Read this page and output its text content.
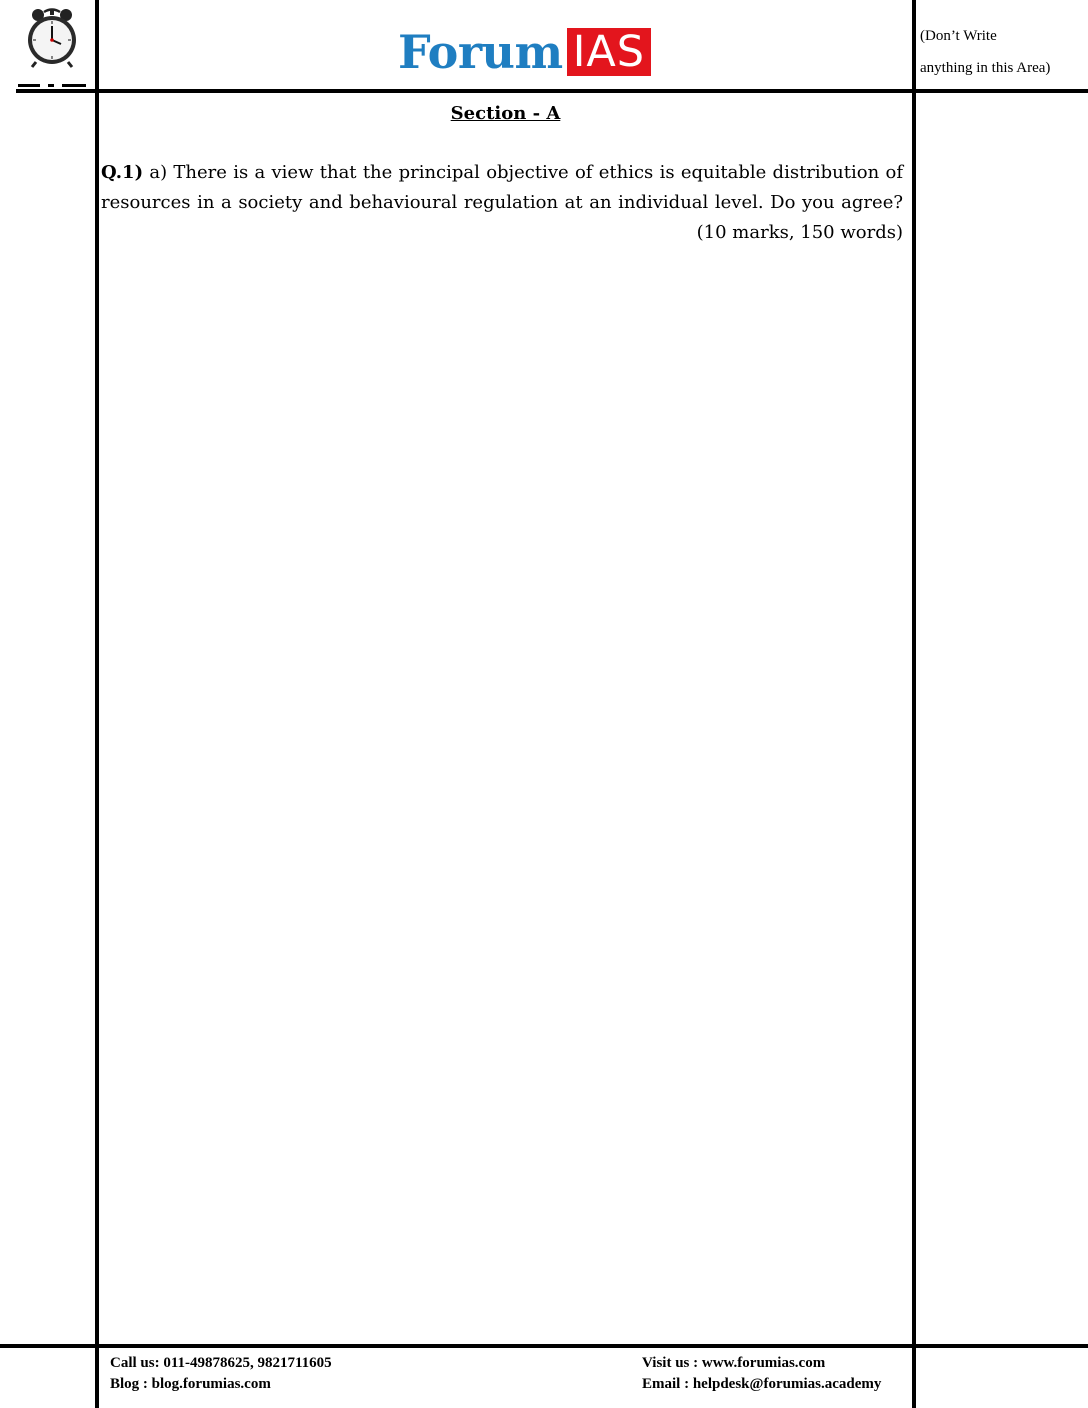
Forum IAS	(Don’t Write
anything in this Area)
Section - A
Q.1) a) There is a view that the principal objective of ethics is equitable distribution of resources in a society and behavioural regulation at an individual level. Do you agree?
(10 marks, 150 words)
Call us: 011-49878625, 9821711605
Blog : blog.forumias.com
Visit us : www.forumias.com
Email : helpdesk@forumias.academy
